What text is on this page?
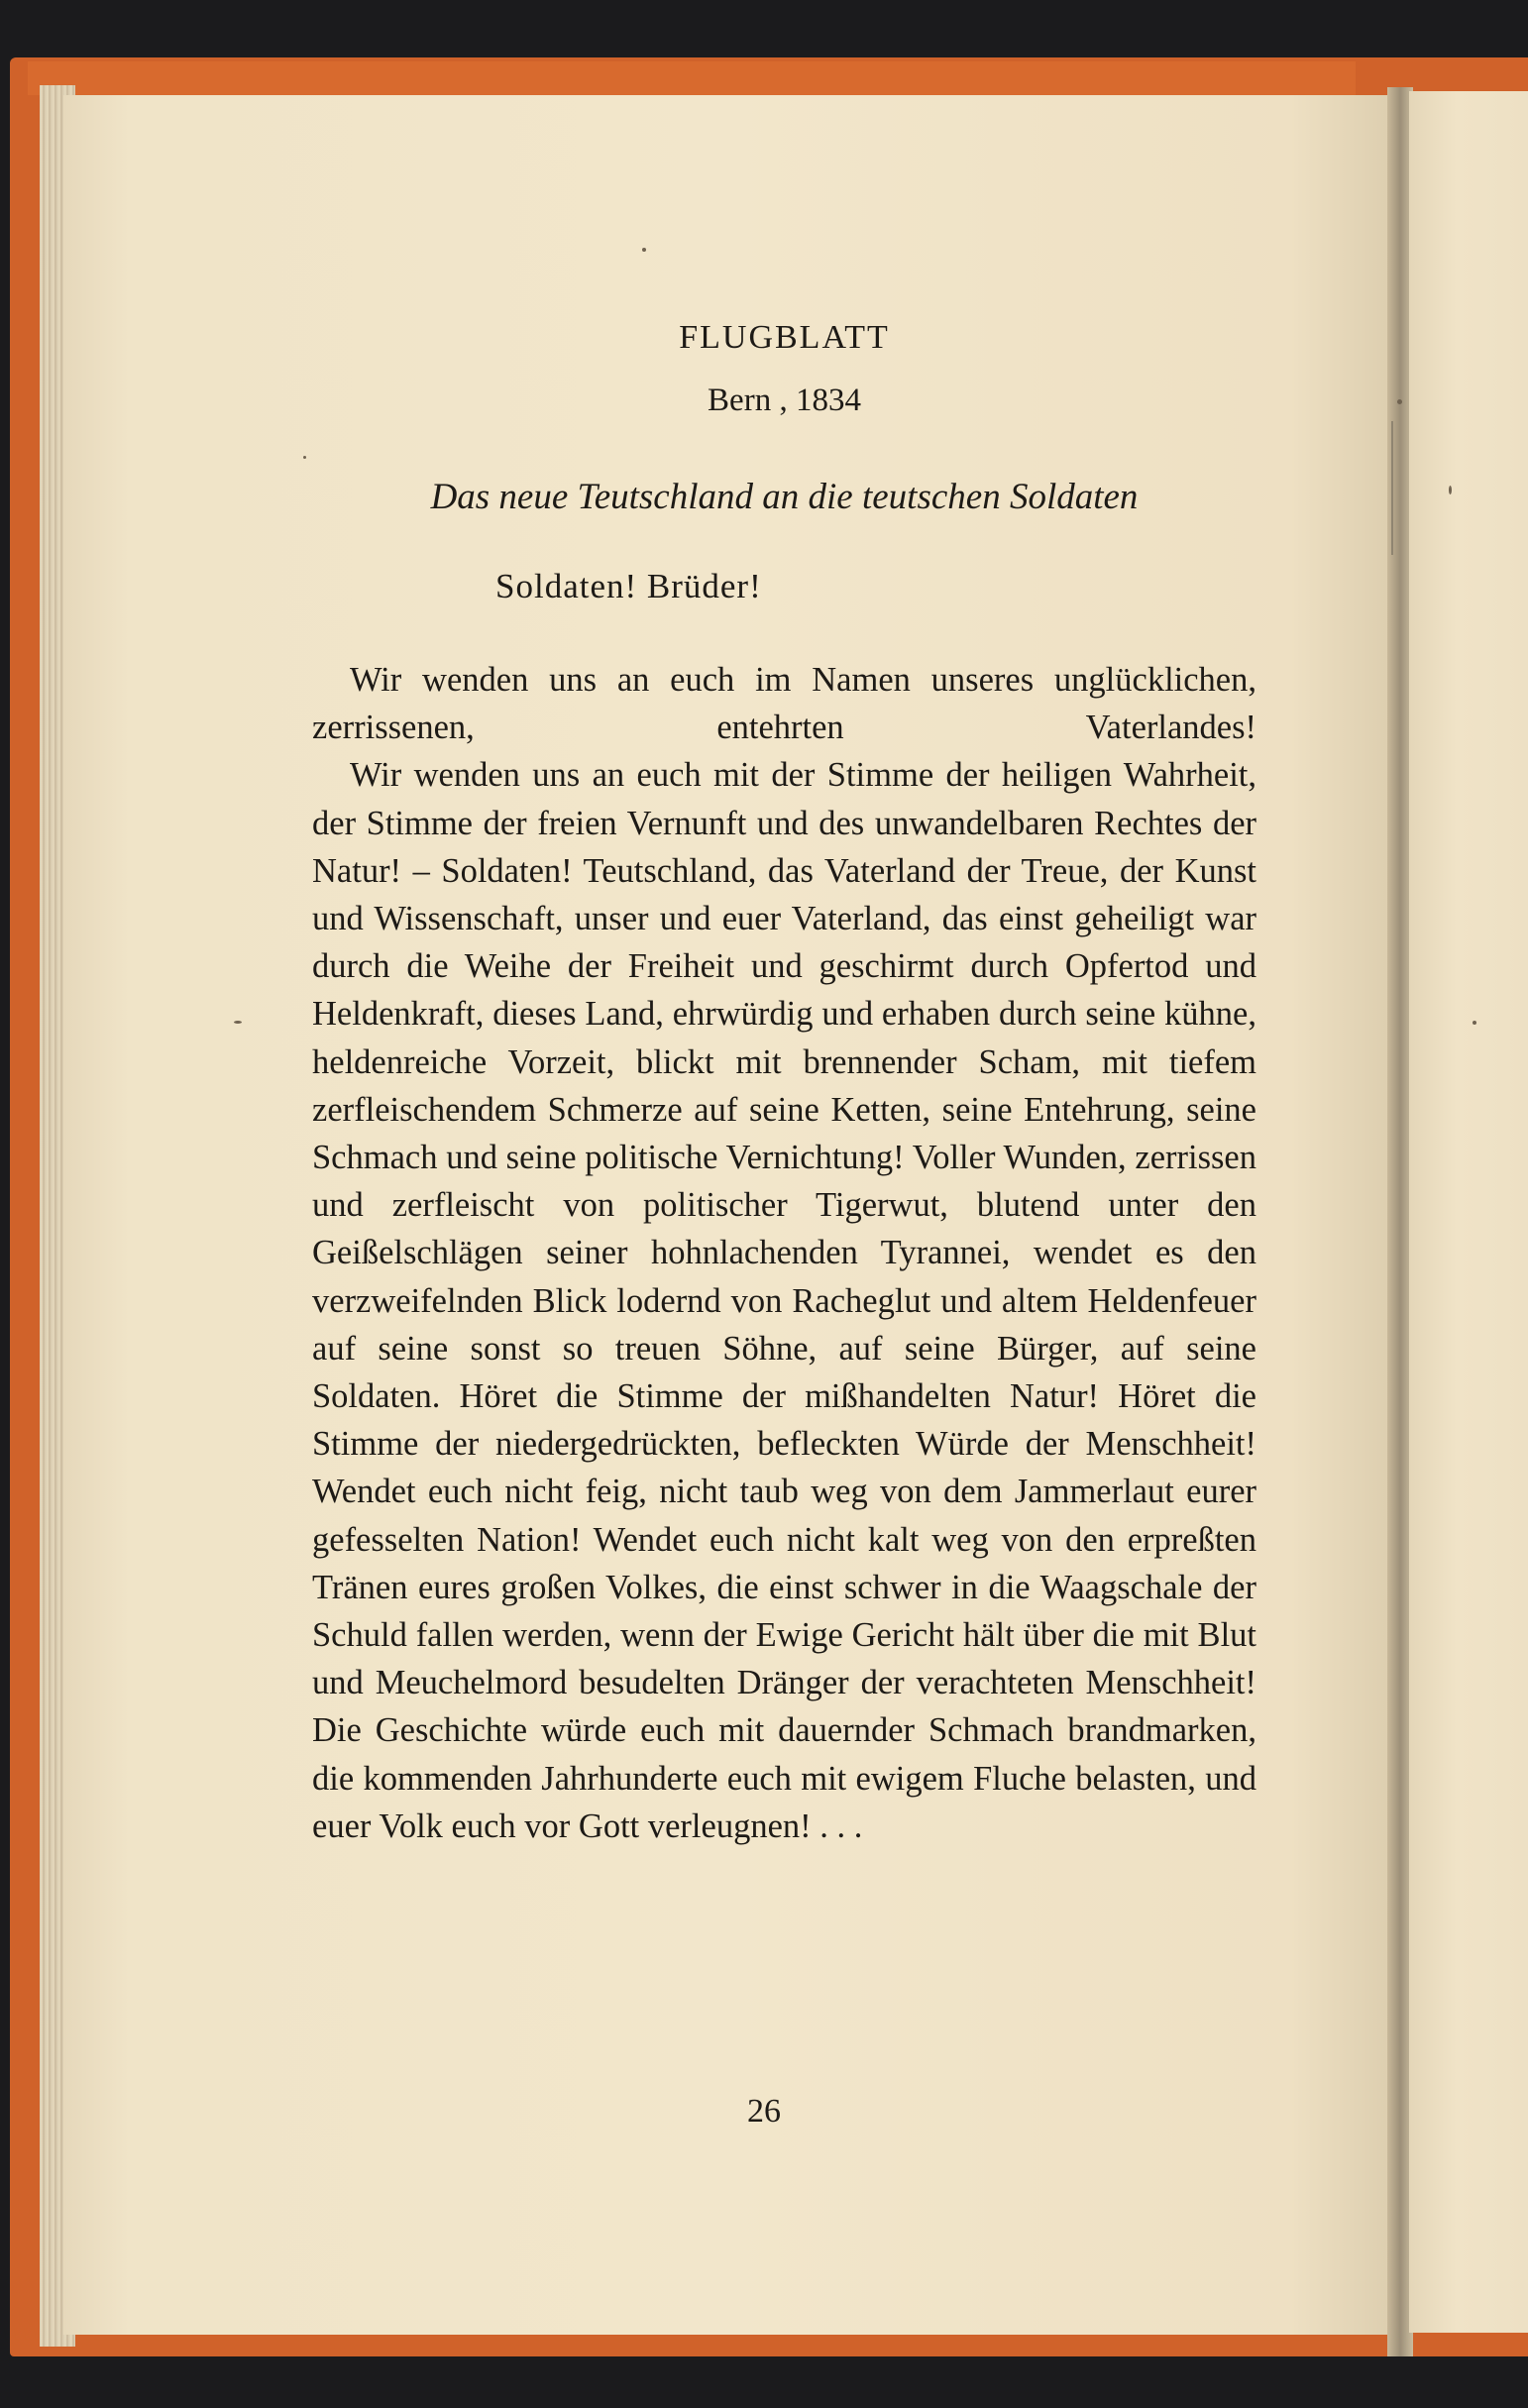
FLUGBLATT
Bern , 1834
Das neue Teutschland an die teutschen Soldaten
Soldaten! Brüder!

Wir wenden uns an euch im Namen unseres unglücklichen, zerrissenen, entehrten Vaterlandes!

Wir wenden uns an euch mit der Stimme der heiligen Wahrheit, der Stimme der freien Vernunft und des unwandelbaren Rechtes der Natur! – Soldaten! Teutschland, das Vaterland der Treue, der Kunst und Wissenschaft, unser und euer Vaterland, das einst geheiligt war durch die Weihe der Freiheit und geschirmt durch Opfertod und Heldenkraft, dieses Land, ehrwürdig und erhaben durch seine kühne, heldenreiche Vorzeit, blickt mit brennender Scham, mit tiefem zerfleischendem Schmerze auf seine Ketten, seine Entehrung, seine Schmach und seine politische Vernichtung! Voller Wunden, zerrissen und zerfleischt von politischer Tigerwut, blutend unter den Geißelschlägen seiner hohnlachenden Tyrannei, wendet es den verzweifelnden Blick lodernd von Racheglut und altem Heldenfeuer auf seine sonst so treuen Söhne, auf seine Bürger, auf seine Soldaten. Höret die Stimme der mißhandelten Natur! Höret die Stimme der niedergedrückten, befleckten Würde der Menschheit! Wendet euch nicht feig, nicht taub weg von dem Jammerlaut eurer gefesselten Nation! Wendet euch nicht kalt weg von den erpreßten Tränen eures großen Volkes, die einst schwer in die Waagschale der Schuld fallen werden, wenn der Ewige Gericht hält über die mit Blut und Meuchelmord besudelten Dränger der verachteten Menschheit! Die Geschichte würde euch mit dauernder Schmach brandmarken, die kommenden Jahrhunderte euch mit ewigem Fluche belasten, und euer Volk euch vor Gott verleugnen! . . .

26
